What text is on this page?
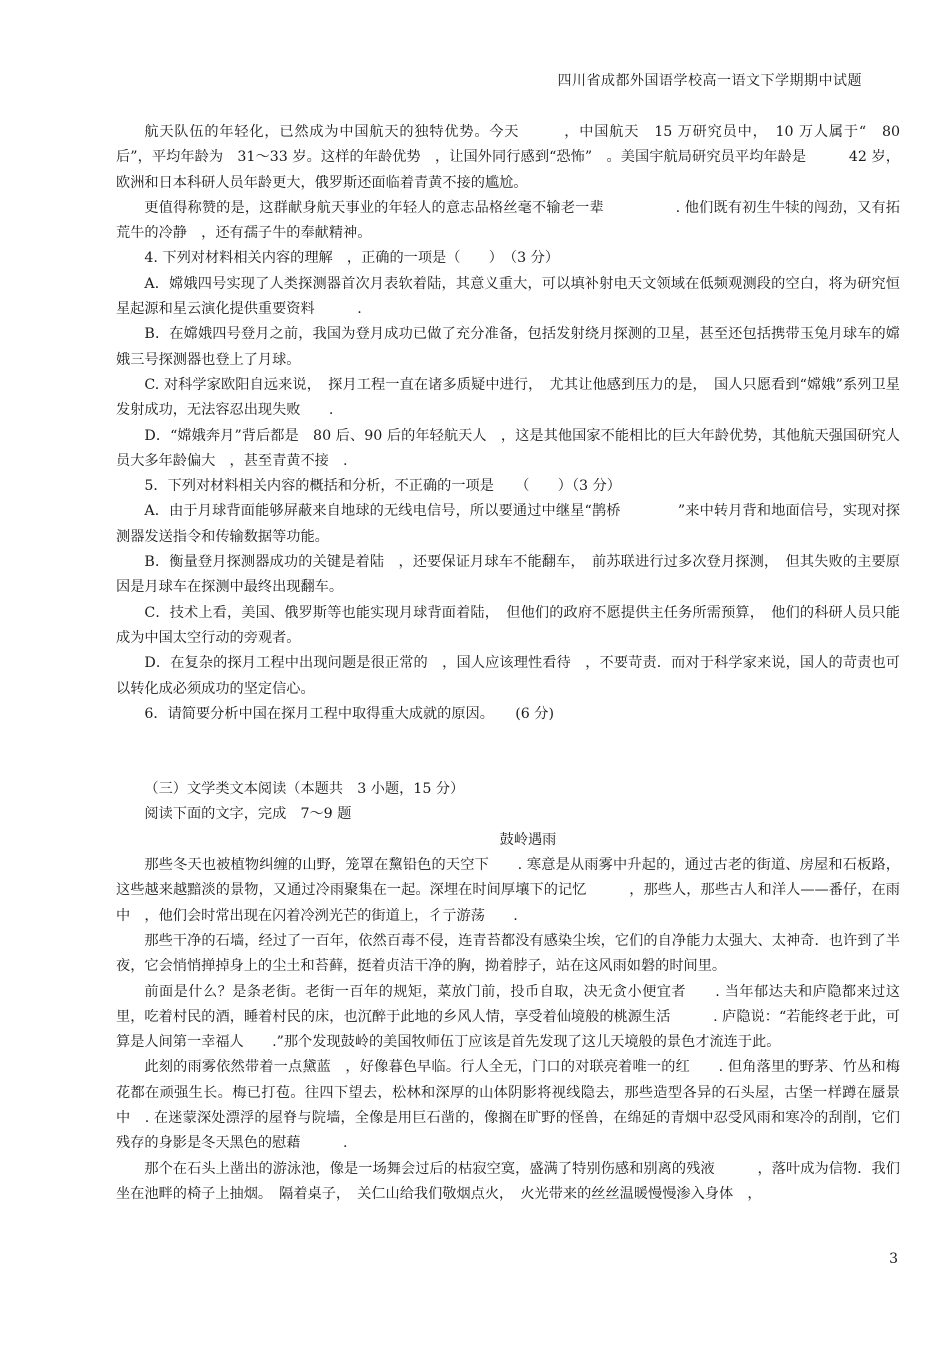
四川省成都外国语学校高一语文下学期期中试题

航天队伍的年轻化，已然成为中国航天的独特优势。今天　　　，中国航天　15 万研究员中，　10 万人属于“　80 后”，平均年龄为　31～33 岁。这样的年龄优势　，让国外同行感到“恐怖”　。美国宇航局研究员平均年龄是　　　42 岁，欧洲和日本科研人员年龄更大，俄罗斯还面临着青黄不接的尴尬。

更值得称赞的是，这群献身航天事业的年轻人的意志品格丝毫不输老一辈　　　　　. 他们既有初生牛犊的闯劲，又有拓荒牛的冷静　，还有孺子牛的奉献精神。

4. 下列对材料相关内容的理解　，正确的一项是（　　）　（3 分）

A．嫦娥四号实现了人类探测器首次月表软着陆，其意义重大，可以填补射电天文领域在低频观测段的空白，将为研究恒星起源和星云演化提供重要资料　　　.

B．在嫦娥四号登月之前，我国为登月成功已做了充分准备，包括发射绕月探测的卫星，甚至还包括携带玉兔月球车的嫦娥三号探测器也登上了月球。

C. 对科学家欧阳自远来说，　探月工程一直在诸多质疑中进行，　尤其让他感到压力的是，　国人只愿看到“嫦娥”系列卫星发射成功，无法容忍出现失败　　.

D．“嫦娥奔月”背后都是　80 后、90 后的年轻航天人　，这是其他国家不能相比的巨大年龄优势，其他航天强国研究人员大多年龄偏大　，甚至青黄不接　.

5．下列对材料相关内容的概括和分析，不正确的一项是　　（　　）（3 分）

A．由于月球背面能够屏蔽来自地球的无线电信号，所以要通过中继星“鹊桥　　　　”来中转月背和地面信号，实现对探测器发送指令和传输数据等功能。

B．衡量登月探测器成功的关键是着陆　，还要保证月球车不能翻车，　前苏联进行过多次登月探测，　但其失败的主要原因是月球车在探测中最终出现翻车。

C．技术上看，美国、俄罗斯等也能实现月球背面着陆，　但他们的政府不愿提供主任务所需预算，　他们的科研人员只能成为中国太空行动的旁观者。

D．在复杂的探月工程中出现问题是很正常的　，国人应该理性看待　，不要苛责．而对于科学家来说，国人的苛责也可以转化成必须成功的坚定信心。

6．请简要分析中国在探月工程中取得重大成就的原因。　　(6 分)

（三）文学类文本阅读（本题共　3 小题，15 分）

阅读下面的文字，完成　7～9 题

鼓岭遇雨

那些冬天也被植物纠缠的山野，笼罩在黧铅色的天空下　　. 寒意是从雨雾中升起的，通过古老的街道、房屋和石板路，这些越来越黯淡的景物，又通过冷雨聚集在一起。深埋在时间厚壤下的记忆　　　，那些人，那些古人和洋人——番仔，在雨中　，他们会时常出现在闪着冷洌光芒的街道上，彳亍游荡　　.

那些干净的石墙，经过了一百年，依然百毒不侵，连青苔都没有感染尘埃，它们的自净能力太强大、太神奇．也许到了半夜，它会悄悄掸掉身上的尘土和苔藓，挺着贞洁干净的胸，拗着脖子，站在这风雨如磐的时间里。

前面是什么？是条老街。老街一百年的规矩，菜放门前，投币自取，决无贪小便宜者　　. 当年郁达夫和庐隐都来过这里，吃着村民的酒，睡着村民的床，也沉醉于此地的乡风人情，享受着仙境般的桃源生活　　　. 庐隐说：“若能终老于此，可算是人间第一幸福人　　.”那个发现鼓岭的美国牧师伍丁应该是首先发现了这儿天境般的景色才流连于此。

此刻的雨雾依然带着一点黛蓝　，好像暮色早临。行人全无，门口的对联亮着唯一的红　　. 但角落里的野茅、竹丛和梅花都在顽强生长。梅已打苞。往四下望去，松林和深厚的山体阴影将视线隐去，那些造型各异的石头屋，古堡一样蹲在蜃景中　. 在迷蒙深处漂浮的屋脊与院墙，全像是用巨石凿的，像搁在旷野的怪兽，在绵延的青烟中忍受风雨和寒冷的刮削，它们残存的身影是冬天黑色的慰藉　　　.

那个在石头上凿出的游泳池，像是一场舞会过后的枯寂空寞，盛满了特别伤感和别离的残液　　　，落叶成为信物．我们坐在池畔的椅子上抽烟。　隔着桌子，　关仁山给我们敬烟点火，　火光带来的丝丝温暖慢慢渗入身体　，

3
